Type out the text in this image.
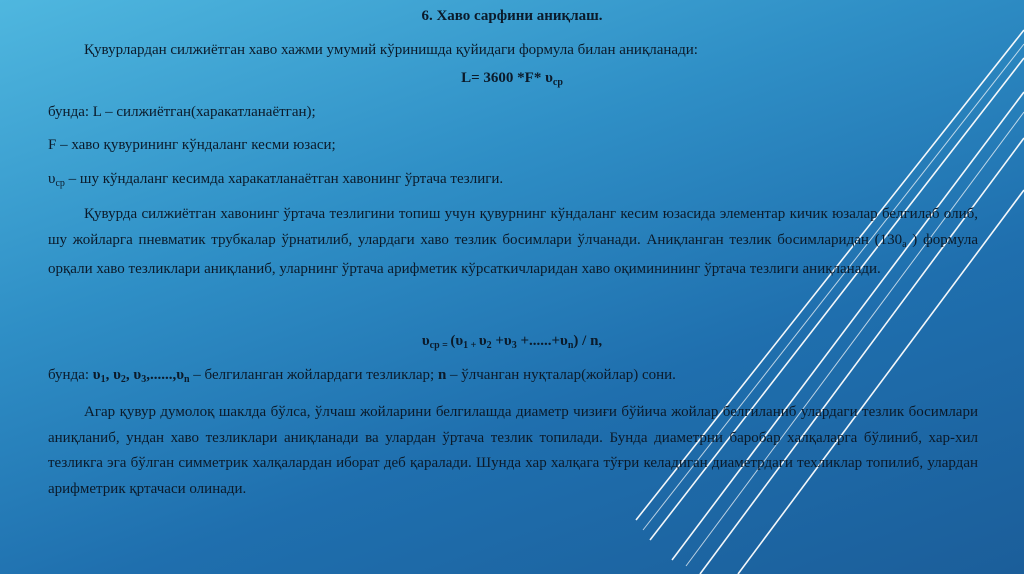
6. Хаво сарфини аниқлаш.
Қувурлардан силжиётган хаво хажми умумий кўринишда қуйидаги формула билан аниқланади:
L= 3600 *F* $\upsilon_{ср}$
бунда: L – силжиётган(харакатланаётган);
F – хаво қувурининг кўндаланг кесми юзаси;
$\upsilon_{ср}$ – шу кўндаланг кесимда харакатланаётган хавонинг ўртача тезлиги.
Қувурда силжиётган хавонинг ўртача тезлигини топиш учун қувурнинг кўндаланг кесим юзасида элементар кичик юзалар белгилаб олиб, шу жойларга пневматик трубкалар ўрнатилиб, улардаги хаво тезлик босимлари ўлчанади. Аниқланган тезлик босимларидан ($130_а$ ) формула орқали хаво тезликлари аниқланиб, уларнинг ўртача арифметик кўрсаткичларидан хаво оқиминининг ўртача тезлиги аниқланади.
$\upsilon_{ср}$ $_=$ ($\upsilon_1$ $_+$ $\upsilon_2 +\upsilon_3 +......+\upsilon_n) / n$,
бунда: $\upsilon_1$, $\upsilon_2$, $\upsilon_3,......,\upsilon_n$ – белгиланган жойлардаги тезликлар; n – ўлчанган нуқталар(жойлар) сони.
Агар қувур думолоқ шаклда бўлса, ўлчаш жойларини белгилашда диаметр чизиғи бўйича жойлар белгиланиб улардаги тезлик босимлари аниқланиб, ундан хаво тезликлари аниқланади ва улардан ўртача тезлик топилади. Бунда диаметрни баробар халқаларга бўлиниб, хар-хил тезликга эга бўлган симметрик халқалардан иборат деб қаралади. Шунда хар халқага тўғри келадиган диаметрдаги техликлар топилиб, улардан арифметрик қртачаси олинади.
